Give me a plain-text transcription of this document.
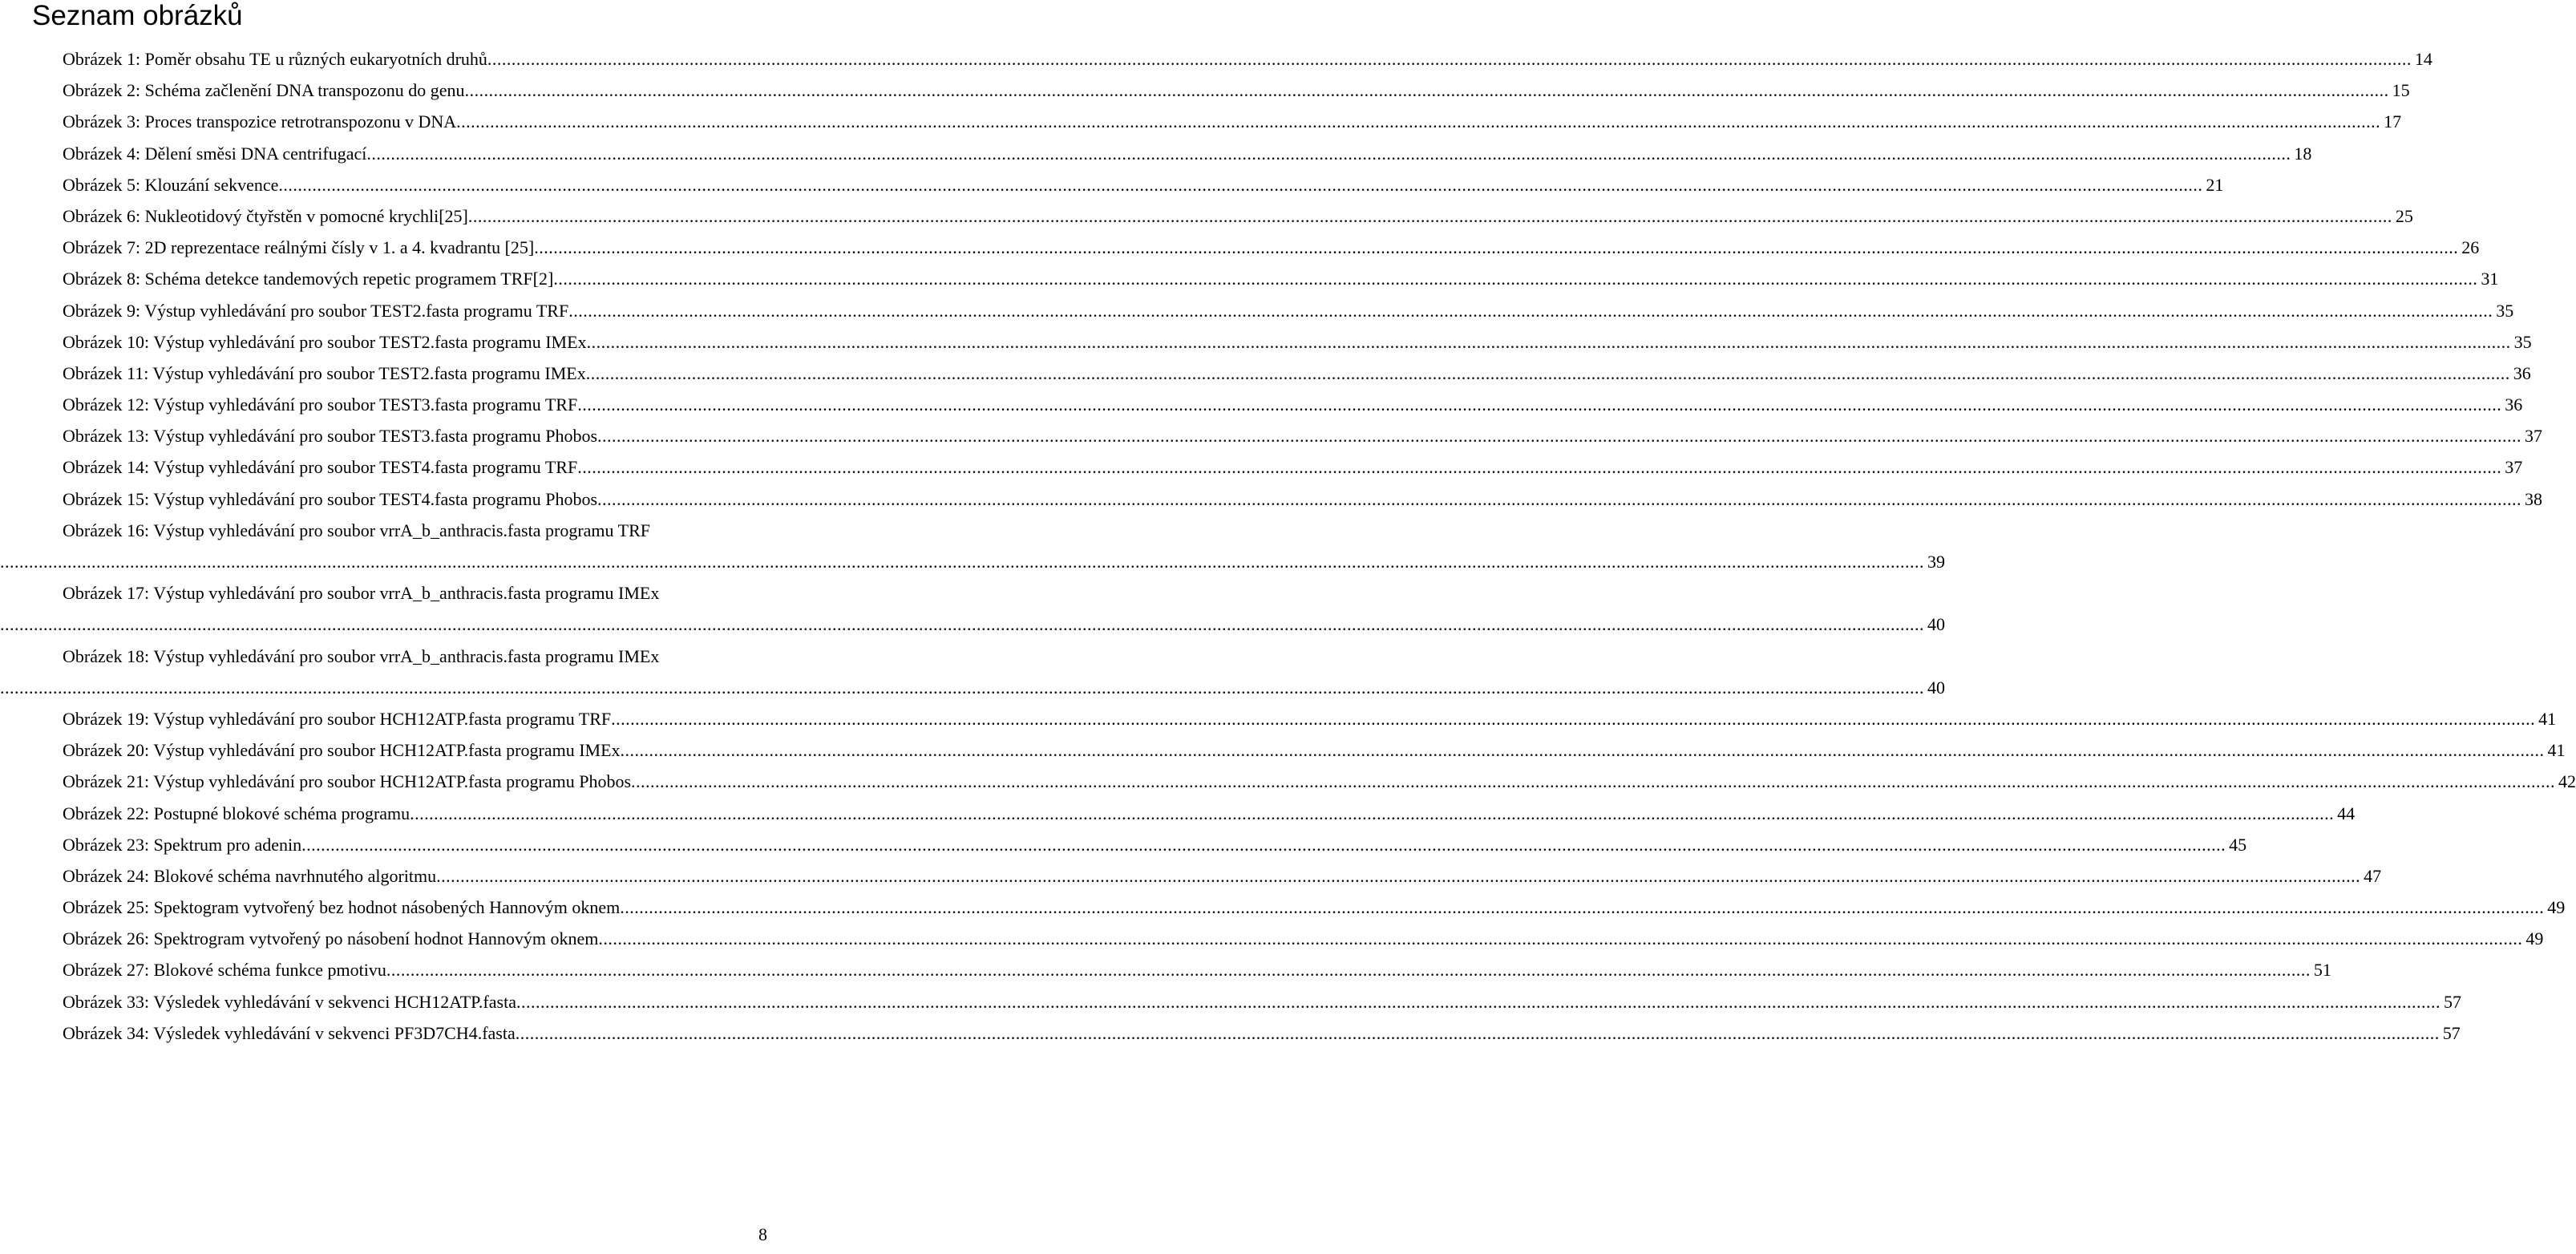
Seznam obrázků
Obrázek 1: Poměr obsahu TE u různých eukaryotních druhů ................................................................................................................................................................................................................................................................................................................................................................................................................ 14
Obrázek 2: Schéma začlenění DNA transpozonu do genu ................................................................................................................................................................................................................................................................................................................................................................................................................ 15
Obrázek 3: Proces transpozice retrotranspozonu v DNA ................................................................................................................................................................................................................................................................................................................................................................................................................ 17
Obrázek 4: Dělení směsi DNA centrifugací ................................................................................................................................................................................................................................................................................................................................................................................................................ 18
Obrázek 5: Klouzání sekvence ................................................................................................................................................................................................................................................................................................................................................................................................................ 21
Obrázek 6: Nukleotidový čtyřstěn v pomocné krychli[25] ................................................................................................................................................................................................................................................................................................................................................................................................................ 25
Obrázek 7: 2D reprezentace reálnými čísly v 1. a 4. kvadrantu [25] ................................................................................................................................................................................................................................................................................................................................................................................................................ 26
Obrázek 8: Schéma detekce tandemových repetic programem TRF[2] ................................................................................................................................................................................................................................................................................................................................................................................................................ 31
Obrázek 9: Výstup vyhledávání pro soubor TEST2.fasta programu TRF ................................................................................................................................................................................................................................................................................................................................................................................................................ 35
Obrázek 10: Výstup vyhledávání pro soubor TEST2.fasta programu IMEx ................................................................................................................................................................................................................................................................................................................................................................................................................ 35
Obrázek 11: Výstup vyhledávání pro soubor TEST2.fasta programu IMEx ................................................................................................................................................................................................................................................................................................................................................................................................................ 36
Obrázek 12: Výstup vyhledávání pro soubor TEST3.fasta programu TRF ................................................................................................................................................................................................................................................................................................................................................................................................................ 36
Obrázek 13: Výstup vyhledávání pro soubor TEST3.fasta programu Phobos ................................................................................................................................................................................................................................................................................................................................................................................................................ 37
Obrázek 14: Výstup vyhledávání pro soubor TEST4.fasta programu TRF ................................................................................................................................................................................................................................................................................................................................................................................................................ 37
Obrázek 15: Výstup vyhledávání pro soubor TEST4.fasta programu Phobos ................................................................................................................................................................................................................................................................................................................................................................................................................ 38
Obrázek 16: Výstup vyhledávání pro soubor vrrA_b_anthracis.fasta programu TRF
................................................................................................................................................................................................................................................................................................................................................................................................................ 39
Obrázek 17: Výstup vyhledávání pro soubor vrrA_b_anthracis.fasta programu IMEx
................................................................................................................................................................................................................................................................................................................................................................................................................ 40
Obrázek 18: Výstup vyhledávání pro soubor vrrA_b_anthracis.fasta programu IMEx
................................................................................................................................................................................................................................................................................................................................................................................................................ 40
Obrázek 19: Výstup vyhledávání pro soubor HCH12ATP.fasta programu TRF ................................................................................................................................................................................................................................................................................................................................................................................................................ 41
Obrázek 20: Výstup vyhledávání pro soubor HCH12ATP.fasta programu IMEx ................................................................................................................................................................................................................................................................................................................................................................................................................ 41
Obrázek 21: Výstup vyhledávání pro soubor HCH12ATP.fasta programu Phobos ................................................................................................................................................................................................................................................................................................................................................................................................................ 42
Obrázek 22: Postupné blokové schéma programu ................................................................................................................................................................................................................................................................................................................................................................................................................ 44
Obrázek 23: Spektrum pro adenin ................................................................................................................................................................................................................................................................................................................................................................................................................ 45
Obrázek 24: Blokové schéma navrhnutého algoritmu ................................................................................................................................................................................................................................................................................................................................................................................................................ 47
Obrázek 25: Spektogram vytvořený bez hodnot násobených Hannovým oknem ................................................................................................................................................................................................................................................................................................................................................................................................................ 49
Obrázek 26: Spektrogram vytvořený po násobení hodnot Hannovým oknem ................................................................................................................................................................................................................................................................................................................................................................................................................ 49
Obrázek 27: Blokové schéma funkce pmotivu ................................................................................................................................................................................................................................................................................................................................................................................................................ 51
Obrázek 33: Výsledek vyhledávání v sekvenci HCH12ATP.fasta ................................................................................................................................................................................................................................................................................................................................................................................................................ 57
Obrázek 34: Výsledek vyhledávání v sekvenci PF3D7CH4.fasta ................................................................................................................................................................................................................................................................................................................................................................................................................ 57
8
